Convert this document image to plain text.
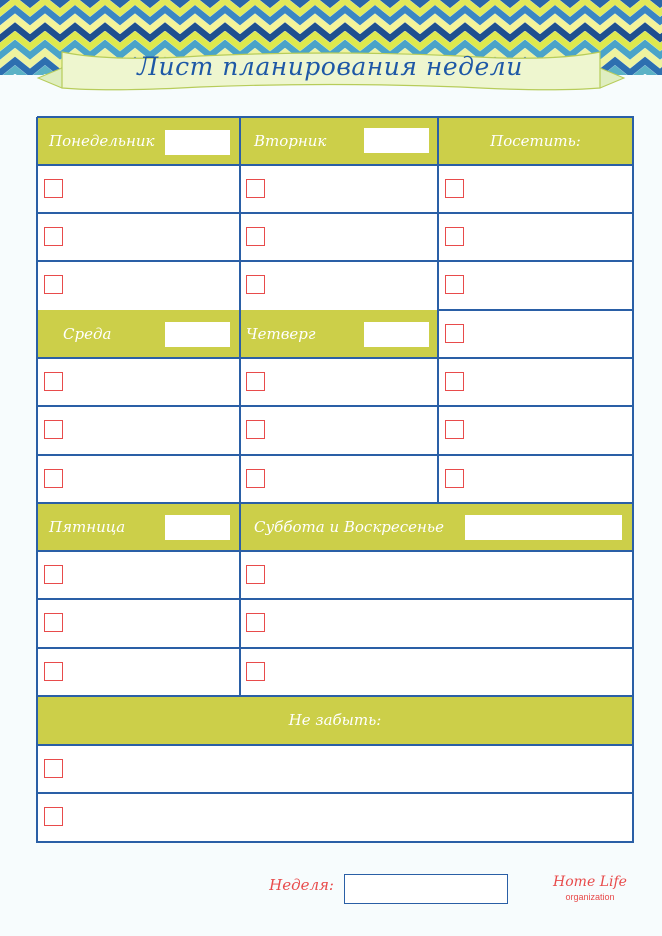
Лист планирования недели
Понедельник	Вторник	Посетить:
Среда	Четверг
Пятница	Суббота и Воскресенье
Не забыть:
Неделя:	Home Life
organization
